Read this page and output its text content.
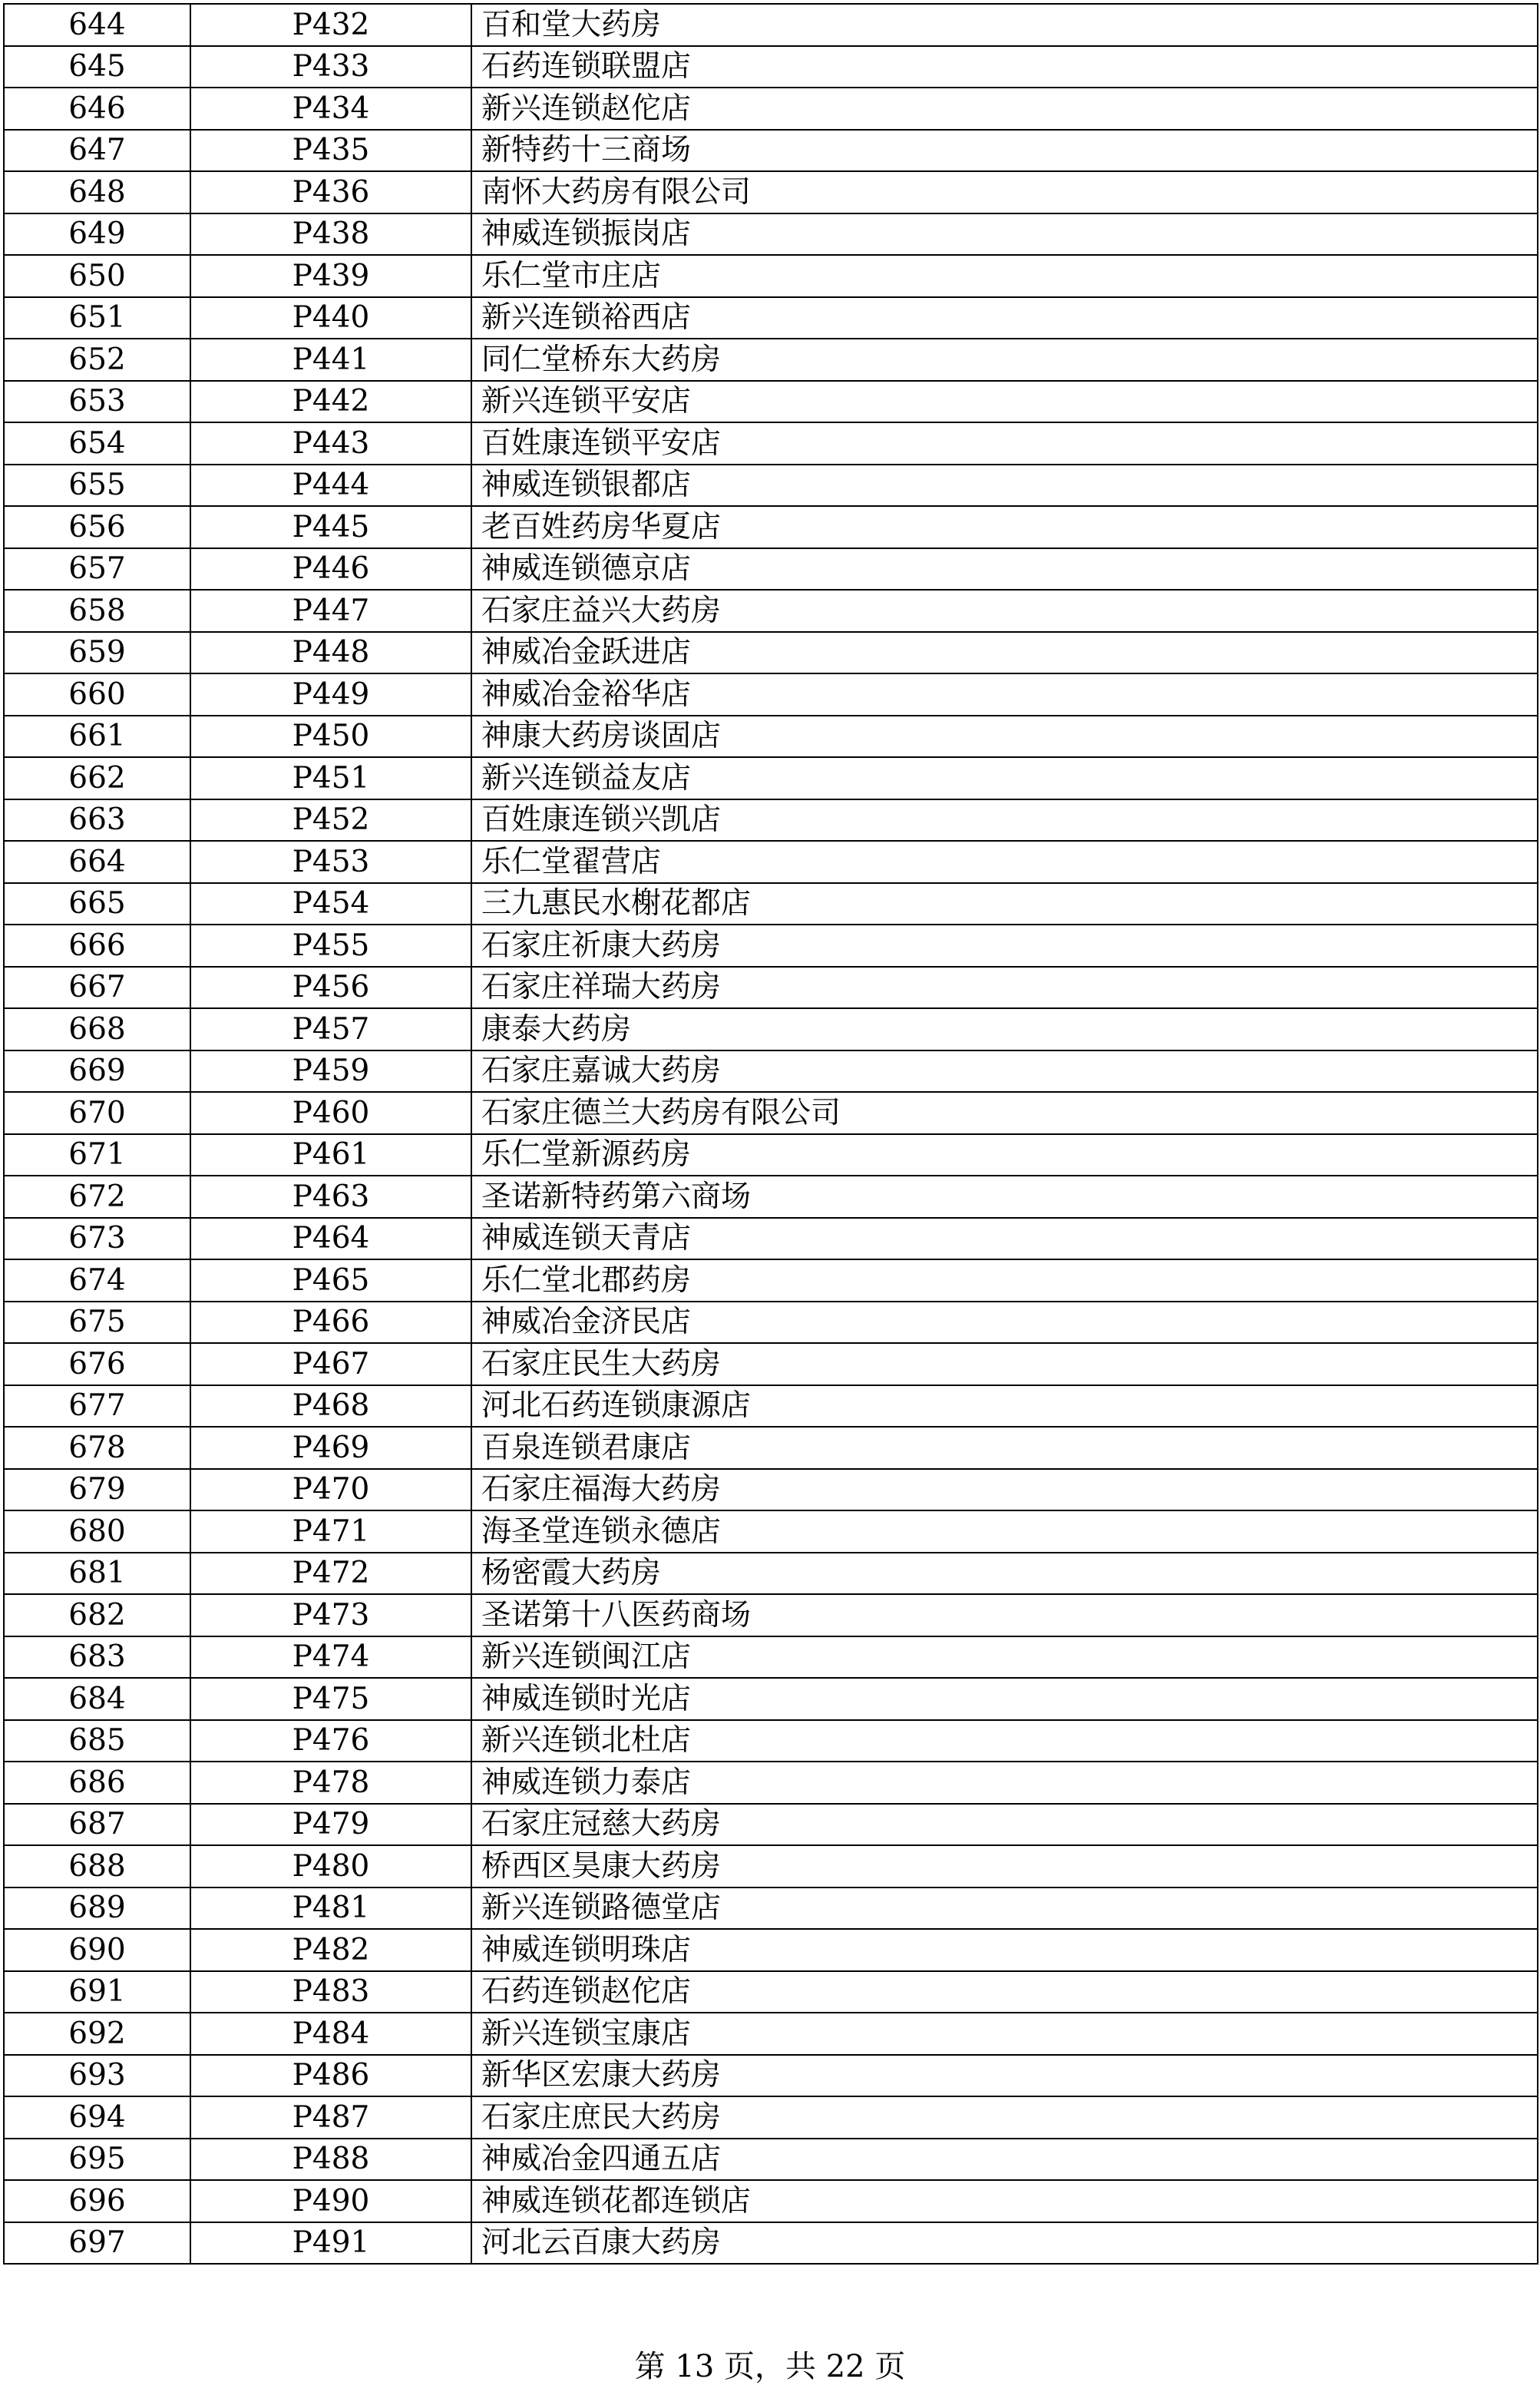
644	P432	百和堂大药房
645	P433	石药连锁联盟店
646	P434	新兴连锁赵佗店
647	P435	新特药十三商场
648	P436	南怀大药房有限公司
649	P438	神威连锁振岗店
650	P439	乐仁堂市庄店
651	P440	新兴连锁裕西店
652	P441	同仁堂桥东大药房
653	P442	新兴连锁平安店
654	P443	百姓康连锁平安店
655	P444	神威连锁银都店
656	P445	老百姓药房华夏店
657	P446	神威连锁德京店
658	P447	石家庄益兴大药房
659	P448	神威冶金跃进店
660	P449	神威冶金裕华店
661	P450	神康大药房谈固店
662	P451	新兴连锁益友店
663	P452	百姓康连锁兴凯店
664	P453	乐仁堂翟营店
665	P454	三九惠民水榭花都店
666	P455	石家庄祈康大药房
667	P456	石家庄祥瑞大药房
668	P457	康泰大药房
669	P459	石家庄嘉诚大药房
670	P460	石家庄德兰大药房有限公司
671	P461	乐仁堂新源药房
672	P463	圣诺新特药第六商场
673	P464	神威连锁天青店
674	P465	乐仁堂北郡药房
675	P466	神威冶金济民店
676	P467	石家庄民生大药房
677	P468	河北石药连锁康源店
678	P469	百泉连锁君康店
679	P470	石家庄福海大药房
680	P471	海圣堂连锁永德店
681	P472	杨密霞大药房
682	P473	圣诺第十八医药商场
683	P474	新兴连锁闽江店
684	P475	神威连锁时光店
685	P476	新兴连锁北杜店
686	P478	神威连锁力泰店
687	P479	石家庄冠慈大药房
688	P480	桥西区昊康大药房
689	P481	新兴连锁路德堂店
690	P482	神威连锁明珠店
691	P483	石药连锁赵佗店
692	P484	新兴连锁宝康店
693	P486	新华区宏康大药房
694	P487	石家庄庶民大药房
695	P488	神威冶金四通五店
696	P490	神威连锁花都连锁店
697	P491	河北云百康大药房
第 13 页，共 22 页
